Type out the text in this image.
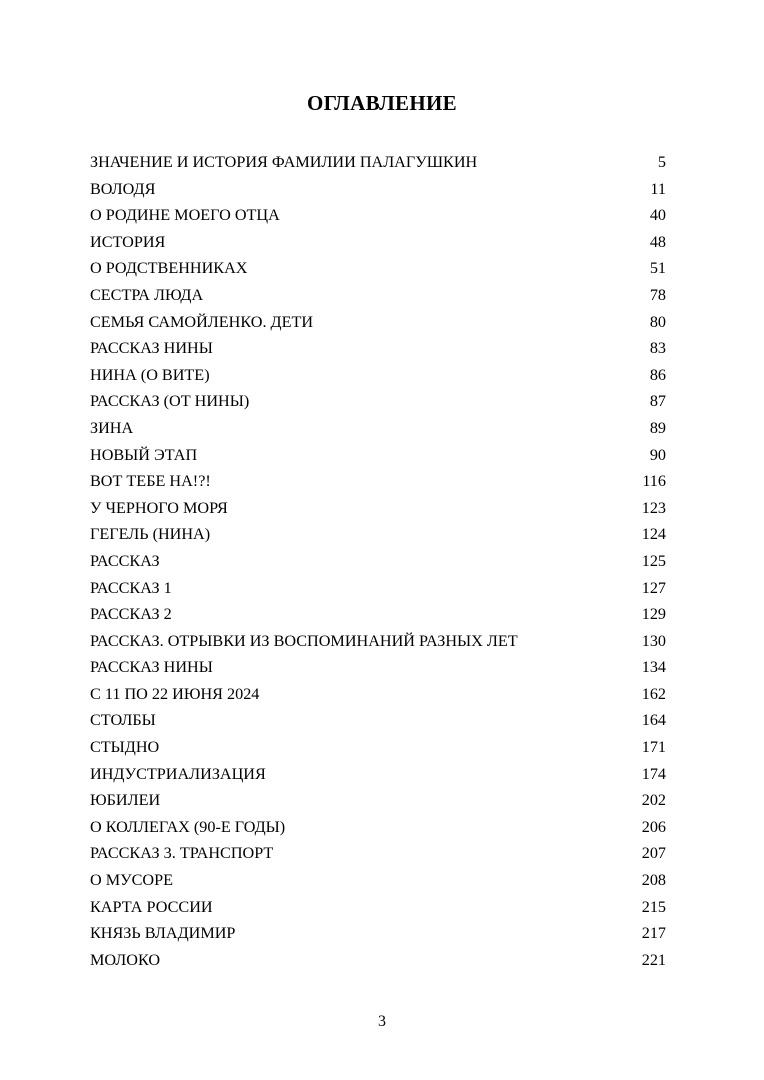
ОГЛАВЛЕНИЕ
ЗНАЧЕНИЕ И ИСТОРИЯ ФАМИЛИИ ПАЛАГУШКИН	5
ВОЛОДЯ	11
О РОДИНЕ МОЕГО ОТЦА	40
ИСТОРИЯ	48
О РОДСТВЕННИКАХ	51
СЕСТРА ЛЮДА	78
СЕМЬЯ САМОЙЛЕНКО. ДЕТИ	80
РАССКАЗ НИНЫ	83
НИНА (О ВИТЕ)	86
РАССКАЗ (ОТ НИНЫ)	87
ЗИНА	89
НОВЫЙ ЭТАП	90
ВОТ ТЕБЕ НА!?!	116
У ЧЕРНОГО МОРЯ	123
ГЕГЕЛЬ (НИНА)	124
РАССКАЗ	125
РАССКАЗ 1	127
РАССКАЗ 2	129
РАССКАЗ. ОТРЫВКИ ИЗ ВОСПОМИНАНИЙ РАЗНЫХ ЛЕТ	130
РАССКАЗ НИНЫ	134
С 11 ПО 22 ИЮНЯ 2024	162
СТОЛБЫ	164
СТЫДНО	171
ИНДУСТРИАЛИЗАЦИЯ	174
ЮБИЛЕИ	202
О КОЛЛЕГАХ (90-Е ГОДЫ)	206
РАССКАЗ 3. ТРАНСПОРТ	207
О МУСОРЕ	208
КАРТА РОССИИ	215
КНЯЗЬ ВЛАДИМИР	217
МОЛОКО	221
3
